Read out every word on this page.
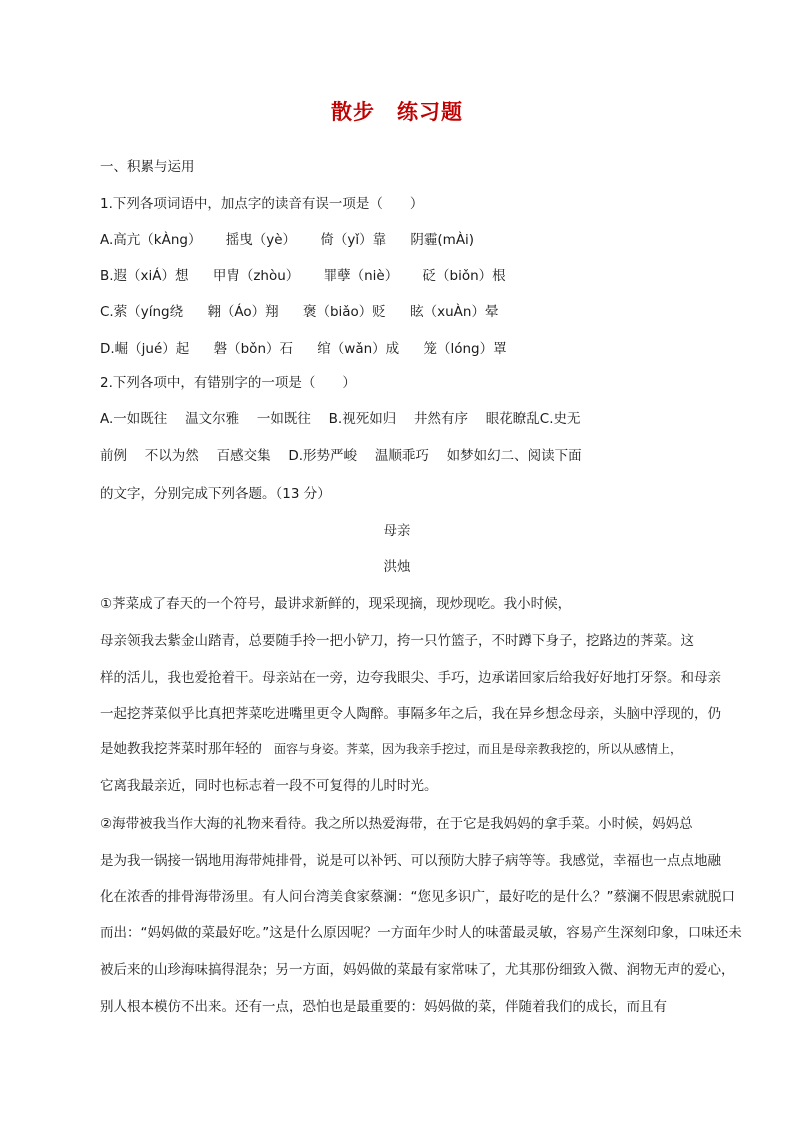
散步　练习题
一、积累与运用
1.下列各项词语中，加点字的读音有误一项是（　　）
A.高亢（kÀng） 摇曳（yè） 倚（yǐ）靠 阴霾(mÀi)
B.遐（xiÁ）想 甲胄（zhòu） 罪孽（niè） 砭（biǒn）根
C.萦（yíng绕 翱（Áo）翔 褒（biǎo）贬 眩（xuÀn）晕
D.崛（jué）起 磐（bǒn）石 绾（wǎn）成 笼（lóng）罩
2.下列各项中，有错别字的一项是（　　）
A.一如既往　 温文尔雅　 一如既往　 B.视死如归　 井然有序　 眼花瞭乱C.史无
前例　 不以为然　 百感交集　 D.形势严峻　 温顺乖巧　 如梦如幻二、阅读下面
的文字，分别完成下列各题。（13 分）
母亲
洪烛
①荠菜成了春天的一个符号，最讲求新鲜的，现采现摘，现炒现吃。我小时候，
母亲领我去紫金山踏青，总要随手拎一把小铲刀，挎一只竹篮子，不时蹲下身子，挖路边的荠菜。这
样的活儿，我也爱抢着干。母亲站在一旁，边夸我眼尖、手巧，边承诺回家后给我好好地打牙祭。和母亲
一起挖荠菜似乎比真把荠菜吃进嘴里更令人陶醉。事隔多年之后，我在异乡想念母亲，头脑中浮现的，仍
是她教我挖荠菜时那年轻的 面容与身姿。荠菜，因为我亲手挖过，而且是母亲教我挖的，所以从感情上，
它离我最亲近，同时也标志着一段不可复得的儿时时光。
②海带被我当作大海的礼物来看待。我之所以热爱海带，在于它是我妈妈的拿手菜。小时候，妈妈总
是为我一锅接一锅地用海带炖排骨，说是可以补钙、可以预防大脖子病等等。我感觉，幸福也一点点地融
化在浓香的排骨海带汤里。有人问台湾美食家蔡澜：“您见多识广，最好吃的是什么？”蔡澜不假思索就脱口
而出：“妈妈做的菜最好吃。”这是什么原因呢？一方面年少时人的味蕾最灵敏，容易产生深刻印象，口味还未
被后来的山珍海味搞得混杂；另一方面，妈妈做的菜最有家常味了，尤其那份细致入微、润物无声的爱心，
别人根本模仿不出来。还有一点，恐怕也是最重要的：妈妈做的菜，伴随着我们的成长，而且有
